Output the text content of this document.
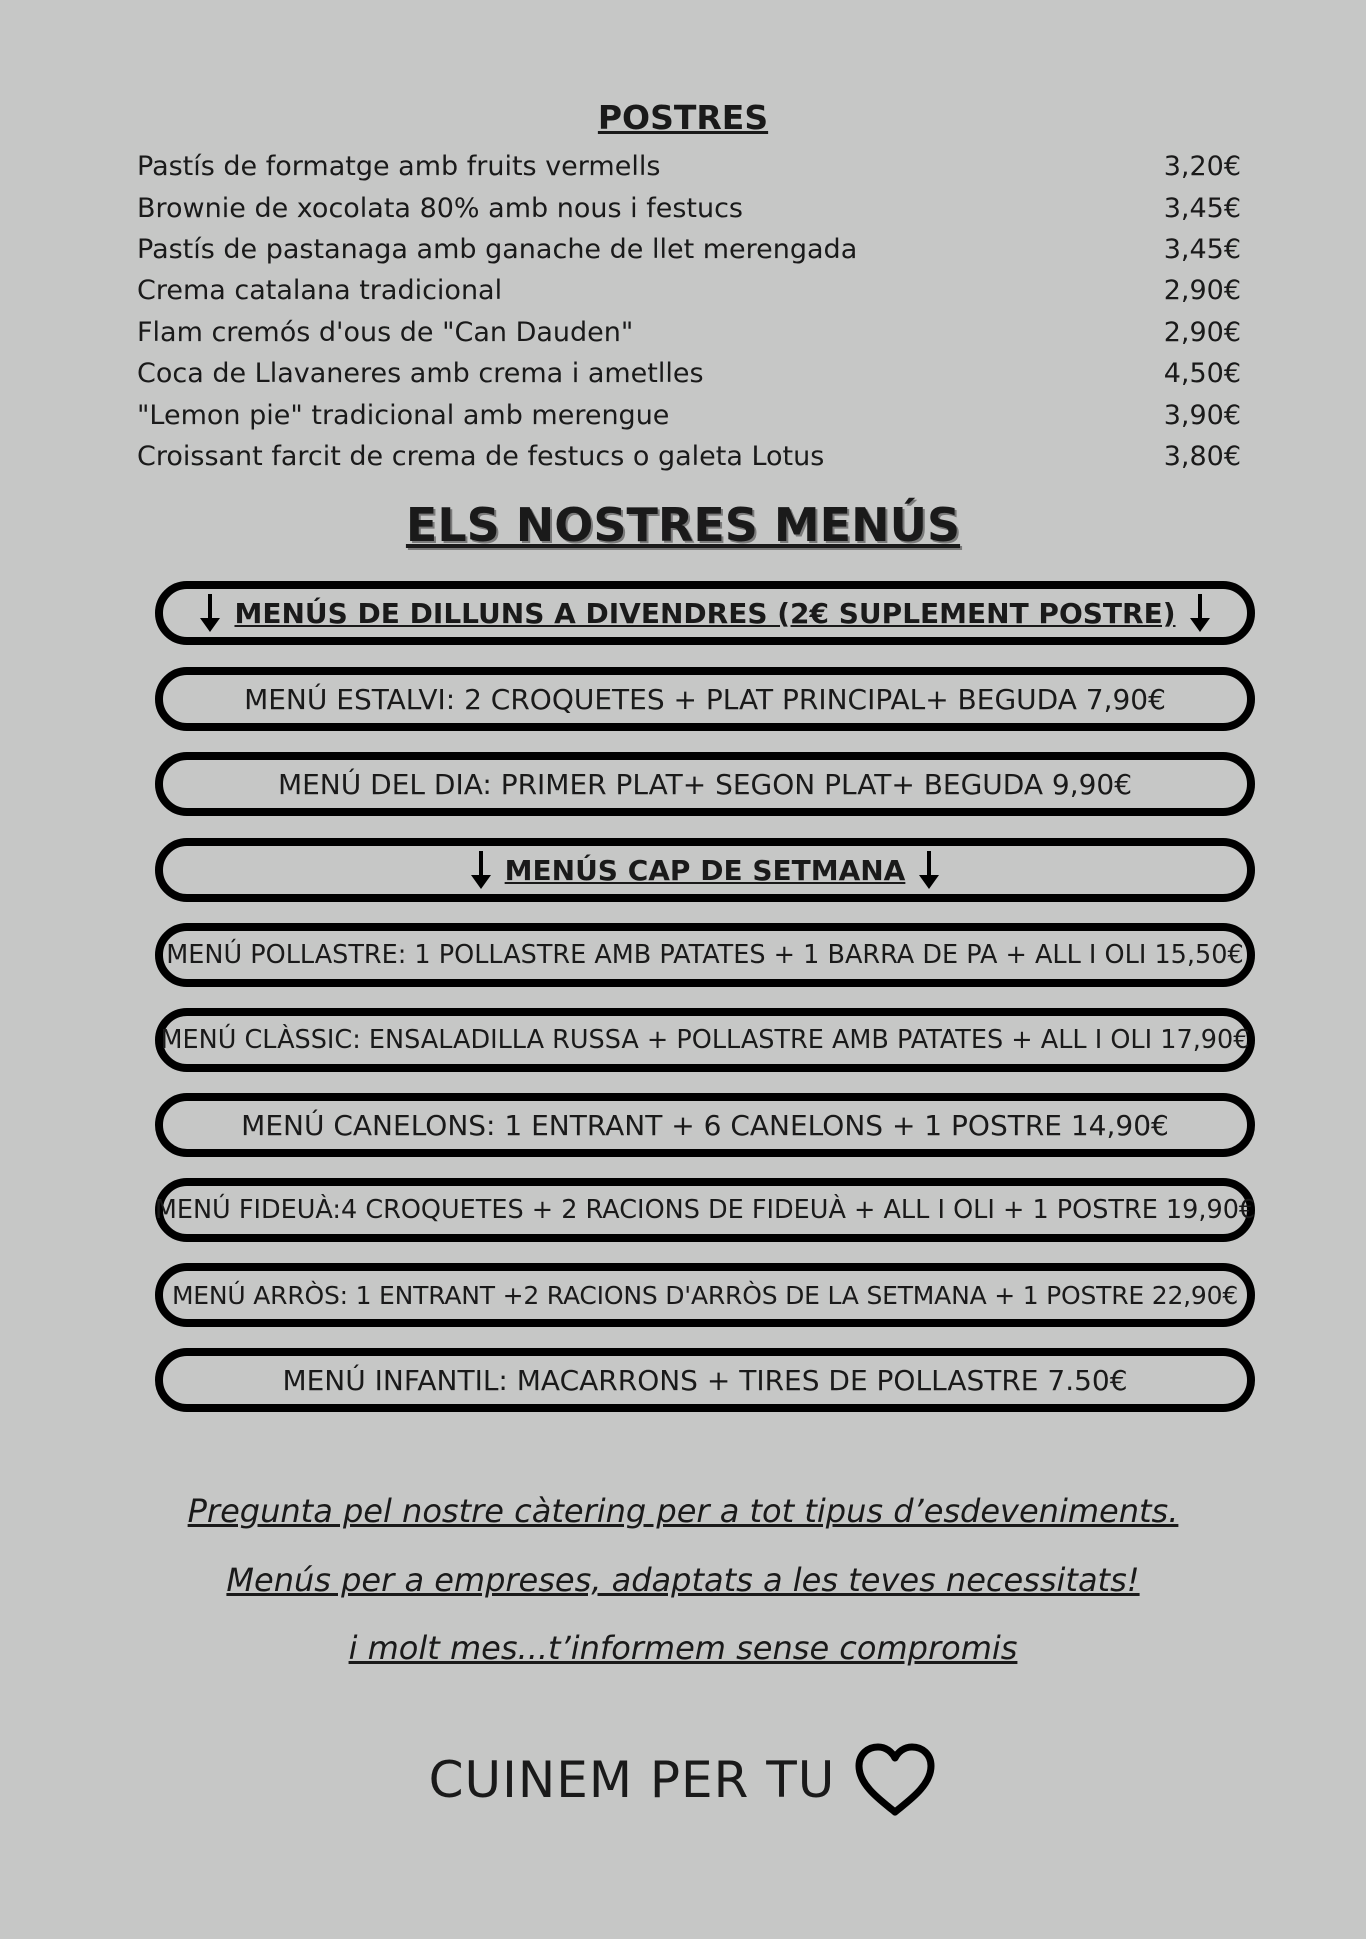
POSTRES
Pastís de formatge amb fruits vermells	3,20€
Brownie de xocolata 80% amb nous i festucs	3,45€
Pastís de pastanaga amb ganache de llet merengada	3,45€
Crema catalana tradicional	2,90€
Flam cremós d'ous de "Can Dauden"	2,90€
Coca de Llavaneres amb crema i ametlles	4,50€
"Lemon pie" tradicional amb merengue	3,90€
Croissant farcit de crema de festucs o galeta Lotus	3,80€
ELS NOSTRES MENÚS
MENÚS DE DILLUNS A DIVENDRES (2€ SUPLEMENT POSTRE)
MENÚ ESTALVI: 2 CROQUETES + PLAT PRINCIPAL+ BEGUDA 7,90€
MENÚ DEL DIA: PRIMER PLAT+ SEGON PLAT+ BEGUDA 9,90€
MENÚS CAP DE SETMANA
MENÚ POLLASTRE: 1 POLLASTRE AMB PATATES + 1 BARRA DE PA + ALL I OLI 15,50€
MENÚ CLÀSSIC: ENSALADILLA RUSSA + POLLASTRE AMB PATATES + ALL I OLI 17,90€
MENÚ CANELONS: 1 ENTRANT + 6 CANELONS + 1 POSTRE 14,90€
MENÚ FIDEUÀ:4 CROQUETES + 2 RACIONS DE FIDEUÀ + ALL I OLI + 1 POSTRE 19,90€
MENÚ ARRÒS: 1 ENTRANT +2 RACIONS D'ARRÒS DE LA SETMANA + 1 POSTRE 22,90€
MENÚ INFANTIL: MACARRONS + TIRES DE POLLASTRE 7.50€

Pregunta pel nostre càtering per a tot tipus d’esdeveniments.

Menús per a empreses, adaptats a les teves necessitats!

i molt mes...t’informem sense compromis

CUINEM PER TU
